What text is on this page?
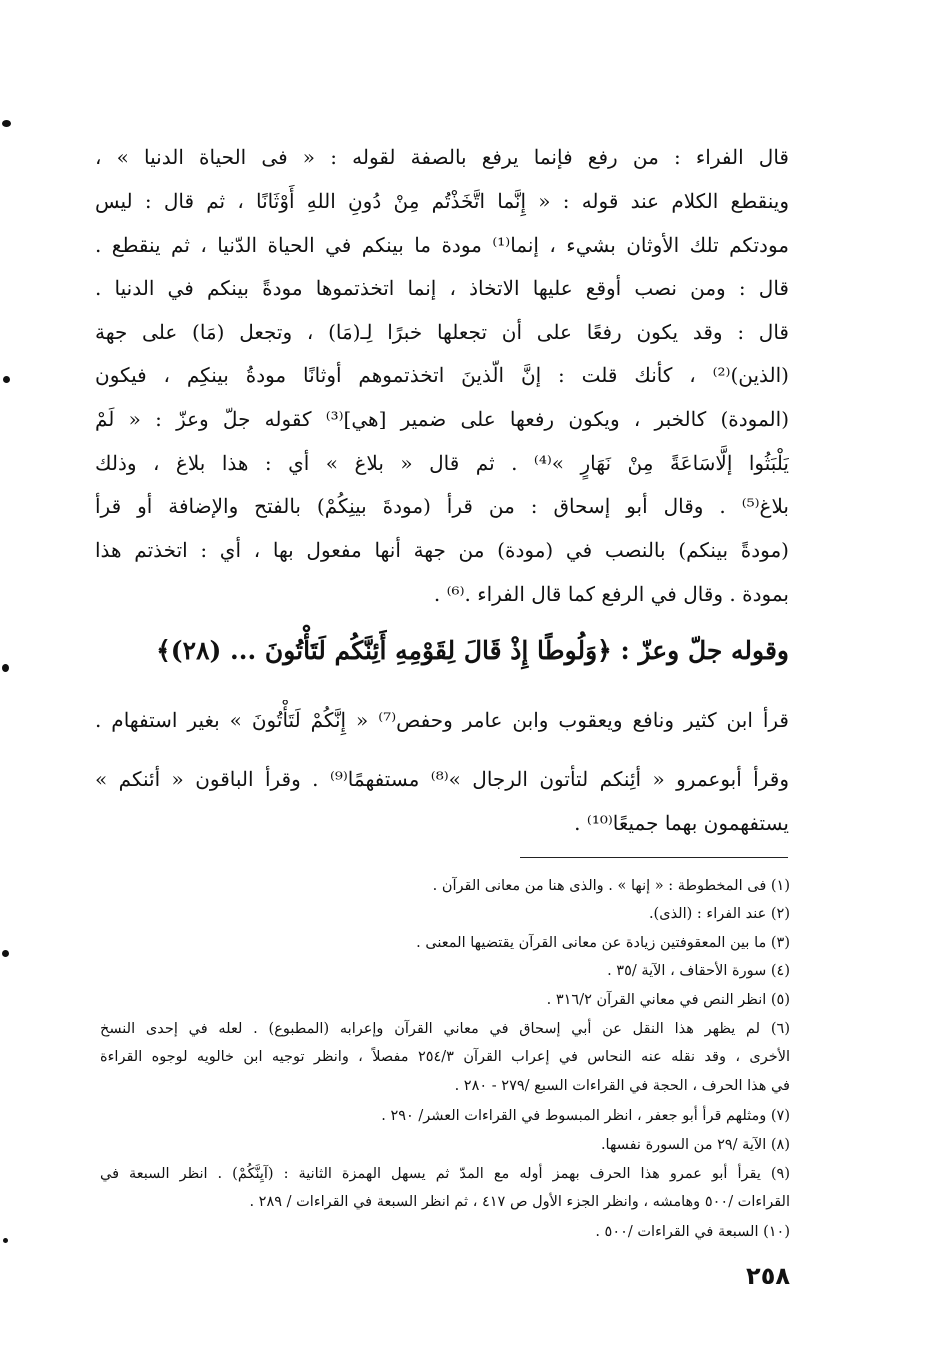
قال الفراء : من رفع فإنما يرفع بالصفة لقوله : « فى الحياة الدنيا » ،
وينقطع الكلام عند قوله : « إِنَّما اتَّخَذْتُم مِنْ دُونِ اللهِ أَوْثَانًا ، ثم قال : ليس
مودتكم تلك الأوثان بشيء ، إنما⁽¹⁾ مودة ما بينكم في الحياة الدّنيا ، ثم ينقطع .
قال : ومن نصب أوقع عليها الاتخاذ ، إنما اتخذتموها مودةً بينكم في الدنيا .
قال : وقد يكون رفعًا على أن تجعلها خبرًا لِـ(مَا) ، وتجعل (مَا) على جهة
(الذين)⁽²⁾ ، كأنك قلت : إنَّ الّذينَ اتخذتموهم أوثانًا مودةُ بينكِم ، فيكون
(المودة) كالخبر ، ويكون رفعها على ضمير [هي]⁽³⁾ كقوله جلّ وعزّ : « لَمْ
يَلْبَثُوا إلَّاسَاعَةً مِنْ نَهَارٍ »⁽⁴⁾ . ثم قال « بلاغ » أي : هذا بلاغ ، وذلك
بلاغ⁽⁵⁾ . وقال أبو إسحاق : من قرأ (مودةَ بينِكُمْ) بالفتح والإضافة أو قرأ
(مودةً بينكم) بالنصب في (مودة) من جهة أنها مفعول بها ، أي : اتخذتم هذا
بمودة . وقال في الرفع كما قال الفراء .⁽⁶⁾ .
وقوله جلّ وعزّ : ﴿وَلُوطًا إِذْ قَالَ لِقَوْمِهِ أَئِنَّكُم لَتَأْتُونَ ... (٢٨)﴾
قرأ ابن كثير ونافع ويعقوب وابن عامر وحفص⁽⁷⁾ « إِنَّكُمْ لَتَأْتُونَ » بغير استفهام .
وقرأ أبوعمرو « أئِنكم لتأتون الرجال »⁽⁸⁾ مستفهمًا⁽⁹⁾ . وقرأ الباقون « أئنكم »
يستفهمون بهما جميعًا⁽¹⁰⁾ .
(١) فى المخطوطة : « إنها » . والذى هنا من معانى القرآن .
(٢) عند الفراء : (الذى).
(٣) ما بين المعقوفتين زيادة عن معانى القرآن يقتضيها المعنى .
(٤) سورة الأحقاف ، الآية /٣٥ .
(٥) انظر النص في معاني القرآن ٣١٦/٢ .
(٦) لم يظهر هذا النقل عن أبي إسحاق في معاني القرآن وإعرابه (المطبوع) . لعله في إحدى النسخ
الأخرى ، وقد نقله عنه النحاس في إعراب القرآن ٢٥٤/٣ مفصلاً ، وانظر توجيه ابن خالويه لوجوه القراءة
في هذا الحرف ، الحجة في القراءات السبع /٢٧٩ - ٢٨٠ .
(٧) ومثلهم قرأ أبو جعفر ، انظر المبسوط في القراءات العشر/ ٢٩٠ .
(٨) الآية /٢٩ من السورة نفسها.
(٩) يقرأ أبو عمرو هذا الحرف بهمز أوله مع المدّ ثم يسهل الهمزة الثانية : (آيِنَّكُمْ) . انظر السبعة في
القراءات /٥٠٠ وهامشه ، وانظر الجزء الأول ص ٤١٧ ، ثم انظر السبعة في القراءات / ٢٨٩ .
(١٠) السبعة في القراءات /٥٠٠ .
٢٥٨
